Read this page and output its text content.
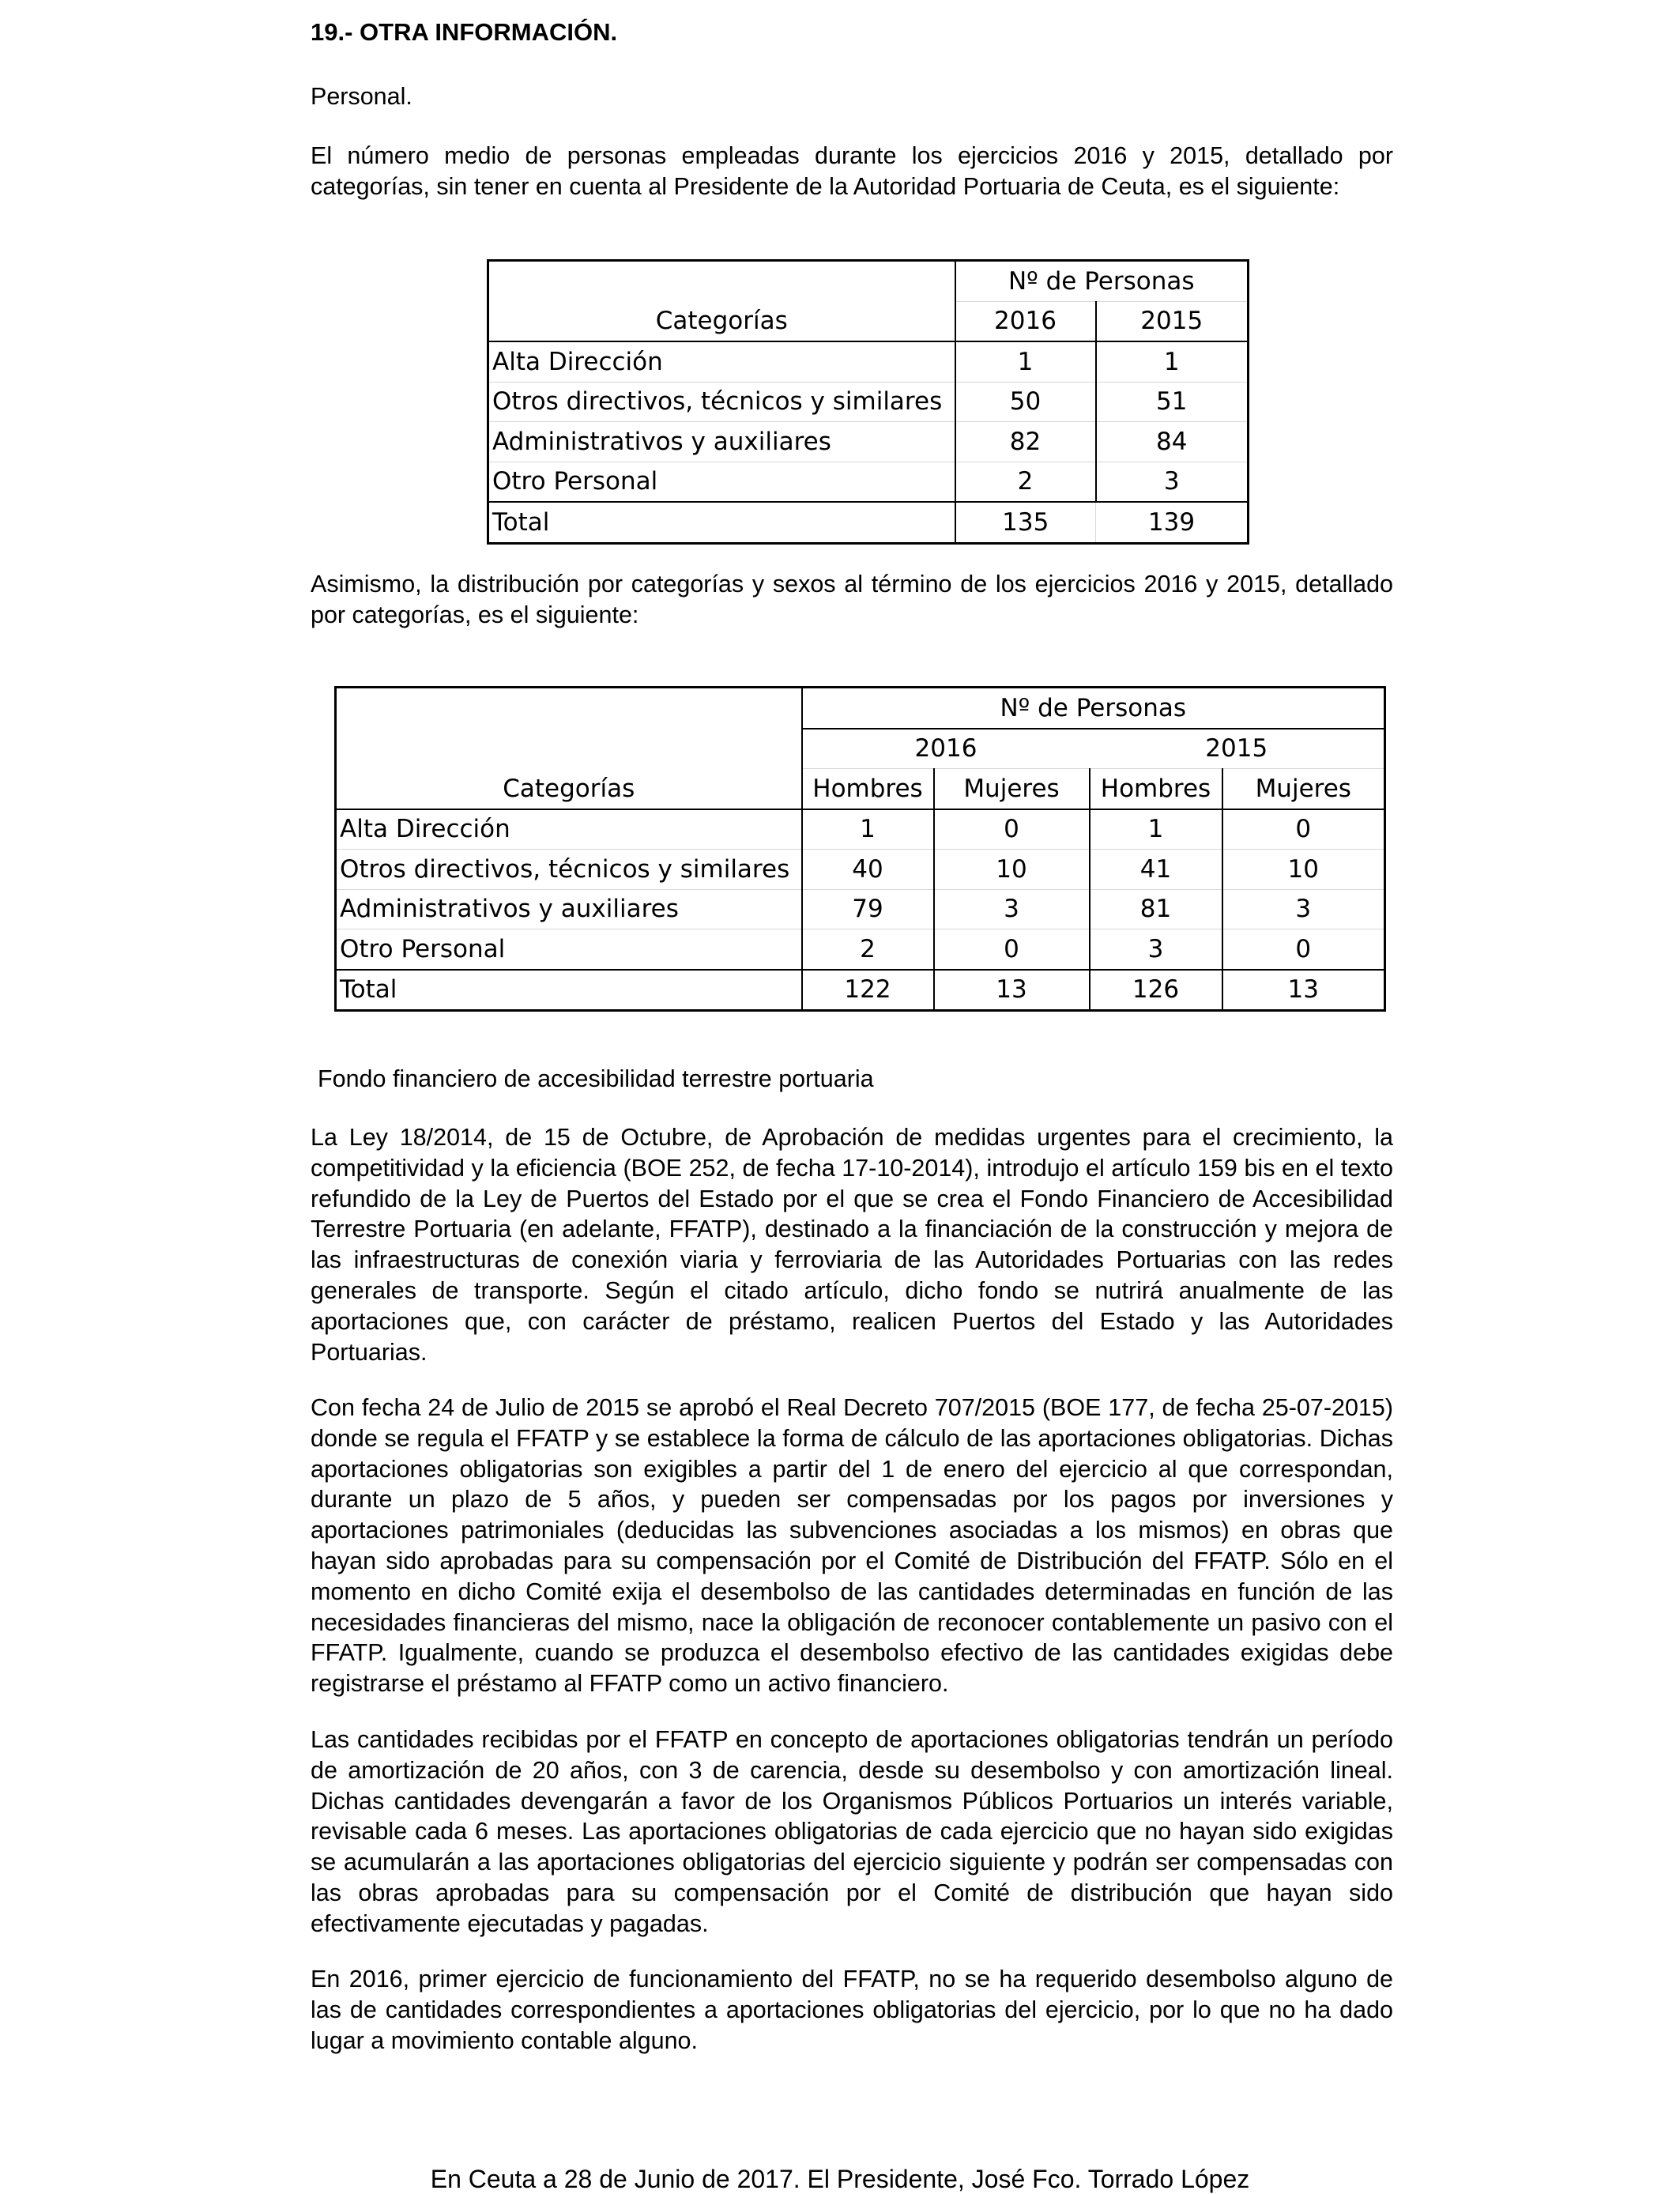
19.- OTRA INFORMACIÓN.
Personal.
El número medio de personas empleadas durante los ejercicios 2016 y 2015, detallado por categorías, sin tener en cuenta al Presidente de la Autoridad Portuaria de Ceuta, es el siguiente:
	Nº de Personas	
Categorías	2016	2015
Alta Dirección	1	1
Otros directivos, técnicos y similares	50	51
Administrativos y auxiliares	82	84
Otro Personal	2	3
Total	135	139
Asimismo, la distribución por categorías y sexos al término de los ejercicios 2016 y 2015, detallado por categorías, es el siguiente:
	Nº de Personas			
	2016		2015	
Categorías	Hombres	Mujeres	Hombres	Mujeres
Alta Dirección	1	0	1	0
Otros directivos, técnicos y similares	40	10	41	10
Administrativos y auxiliares	79	3	81	3
Otro Personal	2	0	3	0
Total	122	13	126	13
Fondo financiero de accesibilidad terrestre portuaria
La Ley 18/2014, de 15 de Octubre, de Aprobación de medidas urgentes para el crecimiento, la competitividad y la eficiencia (BOE 252, de fecha 17-10-2014), introdujo el artículo 159 bis en el texto refundido de la Ley de Puertos del Estado por el que se crea el Fondo Financiero de Accesibilidad Terrestre Portuaria (en adelante, FFATP), destinado a la financiación de la construcción y mejora de las infraestructuras de conexión viaria y ferroviaria de las Autoridades Portuarias con las redes generales de transporte. Según el citado artículo, dicho fondo se nutrirá anualmente de las aportaciones que, con carácter de préstamo, realicen Puertos del Estado y las Autoridades Portuarias.
Con fecha 24 de Julio de 2015 se aprobó el Real Decreto 707/2015 (BOE 177, de fecha 25-07-2015) donde se regula el FFATP y se establece la forma de cálculo de las aportaciones obligatorias. Dichas aportaciones obligatorias son exigibles a partir del 1 de enero del ejercicio al que correspondan, durante un plazo de 5 años, y pueden ser compensadas por los pagos por inversiones y aportaciones patrimoniales (deducidas las subvenciones asociadas a los mismos) en obras que hayan sido aprobadas para su compensación por el Comité de Distribución del FFATP. Sólo en el momento en dicho Comité exija el desembolso de las cantidades determinadas en función de las necesidades financieras del mismo, nace la obligación de reconocer contablemente un pasivo con el FFATP. Igualmente, cuando se produzca el desembolso efectivo de las cantidades exigidas debe registrarse el préstamo al FFATP como un activo financiero.
Las cantidades recibidas por el FFATP en concepto de aportaciones obligatorias tendrán un período de amortización de 20 años, con 3 de carencia, desde su desembolso y con amortización lineal. Dichas cantidades devengarán a favor de los Organismos Públicos Portuarios un interés variable, revisable cada 6 meses. Las aportaciones obligatorias de cada ejercicio que no hayan sido exigidas se acumularán a las aportaciones obligatorias del ejercicio siguiente y podrán ser compensadas con las obras aprobadas para su compensación por el Comité de distribución que hayan sido efectivamente ejecutadas y pagadas.
En 2016, primer ejercicio de funcionamiento del FFATP, no se ha requerido desembolso alguno de las de cantidades correspondientes a aportaciones obligatorias del ejercicio, por lo que no ha dado lugar a movimiento contable alguno.
En Ceuta a 28 de Junio de 2017. El Presidente, José Fco. Torrado López
